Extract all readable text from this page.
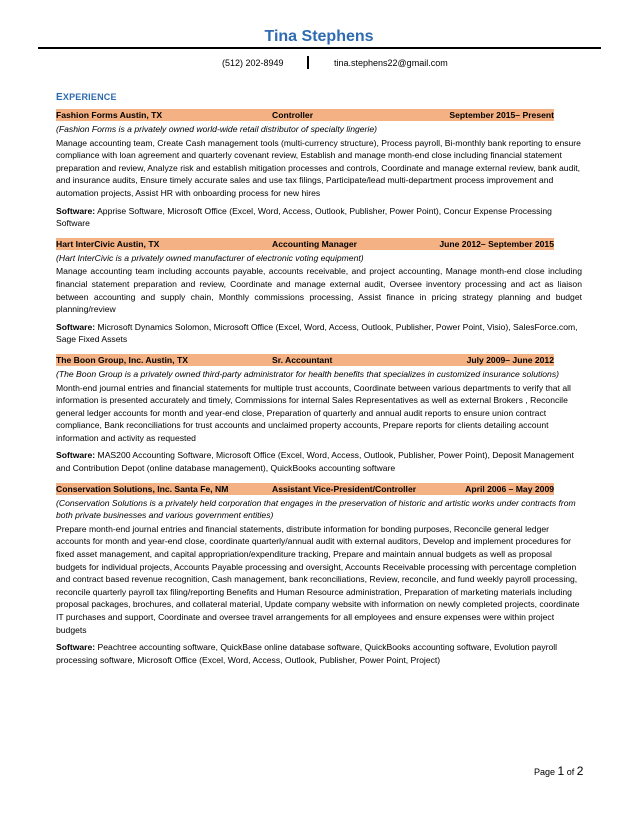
Tina Stephens
(512) 202-8949	tina.stephens22@gmail.com
EXPERIENCE
Fashion Forms Austin, TX	Controller	September 2015– Present
(Fashion Forms is a privately owned world-wide retail distributor of specialty lingerie)
Manage accounting team, Create Cash management tools (multi-currency structure), Process payroll, Bi-monthly bank reporting to ensure compliance with loan agreement and quarterly covenant review, Establish and manage month-end close including financial statement preparation and review, Analyze risk and establish mitigation processes and controls, Coordinate and manage external review, bank audit, and insurance audits, Ensure timely accurate sales and use tax filings, Participate/lead multi-department process improvement and automation projects, Assist HR with onboarding process for new hires
Software: Apprise Software, Microsoft Office (Excel, Word, Access, Outlook, Publisher, Power Point), Concur Expense Processing Software
Hart InterCivic Austin, TX	Accounting Manager	June 2012– September 2015
(Hart InterCivic is a privately owned manufacturer of electronic voting equipment)
Manage accounting team including accounts payable, accounts receivable, and project accounting, Manage month-end close including financial statement preparation and review, Coordinate and manage external audit, Oversee inventory processing and act as liaison between accounting and supply chain, Monthly commissions processing, Assist finance in pricing strategy planning and budget planning/review
Software: Microsoft Dynamics Solomon, Microsoft Office (Excel, Word, Access, Outlook, Publisher, Power Point, Visio), SalesForce.com, Sage Fixed Assets
The Boon Group, Inc. Austin, TX	Sr. Accountant	July 2009– June 2012
(The Boon Group is a privately owned third-party administrator for health benefits that specializes in customized insurance solutions)
Month-end journal entries and financial statements for multiple trust accounts, Coordinate between various departments to verify that all information is presented accurately and timely, Commissions for internal Sales Representatives as well as external Brokers , Reconcile general ledger accounts for month and year-end close, Preparation of quarterly and annual audit reports to ensure union contract compliance, Bank reconciliations for trust accounts and unclaimed property accounts, Prepare reports for clients detailing account information and activity as requested
Software: MAS200 Accounting Software, Microsoft Office (Excel, Word, Access, Outlook, Publisher, Power Point), Deposit Management and Contribution Depot (online database management), QuickBooks accounting software
Conservation Solutions, Inc. Santa Fe, NM	Assistant Vice-President/Controller	April 2006 – May 2009
(Conservation Solutions is a privately held corporation that engages in the preservation of historic and artistic works under contracts from both private businesses and various government entities)
Prepare month-end journal entries and financial statements, distribute information for bonding purposes, Reconcile general ledger accounts for month and year-end close, coordinate quarterly/annual audit with external auditors, Develop and implement procedures for fixed asset management, and capital appropriation/expenditure tracking, Prepare and maintain annual budgets as well as proposal budgets for individual projects, Accounts Payable processing and oversight, Accounts Receivable processing with percentage completion and contract based revenue recognition, Cash management, bank reconciliations, Review, reconcile, and fund weekly payroll processing, reconcile quarterly payroll tax filing/reporting Benefits and Human Resource administration, Preparation of marketing materials including proposal packages, brochures, and collateral material, Update company website with information on newly completed projects, coordinate IT purchases and support, Coordinate and oversee travel arrangements for all employees and ensure expenses were within project budgets
Software: Peachtree accounting software, QuickBase online database software, QuickBooks accounting software, Evolution payroll processing software, Microsoft Office (Excel, Word, Access, Outlook, Publisher, Power Point, Project)
Page 1 of 2
